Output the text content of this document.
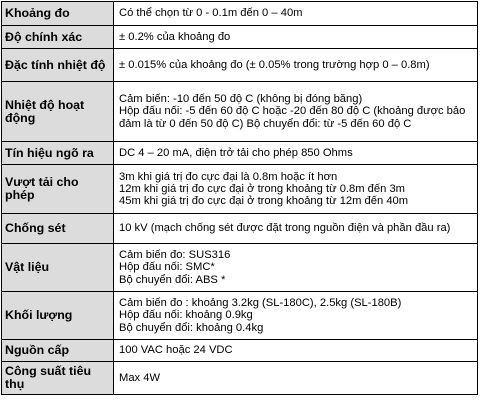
Khoảng đo	Có thể chọn từ 0 - 0.1m đến 0 – 40m

Độ chính xác	± 0.2% của khoảng đo

Đặc tính nhiệt độ	± 0.015% của khoảng đo (± 0.05% trong trường hợp 0 – 0.8m)

Nhiệt độ hoạt động	Cảm biến: -10 đến 50 độ C (không bị đóng băng)
Hộp đấu nối: -5 đến 60 độ C hoặc -20 đến 80 độ C (khoảng được bảo đảm là từ 0 đến 50 độ C) Bộ chuyển đổi: từ -5 đến 60 độ C

Tín hiệu ngõ ra	DC 4 – 20 mA, điện trở tải cho phép 850 Ohms

Vượt tải cho phép	3m khi giá trị đo cực đại là 0.8m hoặc ít hơn
12m khi giá trị đo cực đại ở trong khoảng từ 0.8m đến 3m
45m khi giá trị đo cực đại ở trong khoảng từ 12m đến 40m

Chống sét	10 kV (mạch chống sét được đặt trong nguồn điện và phần đầu ra)

Vật liệu	Cảm biến đo: SUS316
Hộp đấu nối: SMC*
Bộ chuyển đổi: ABS *

Khối lượng	Cảm biến đo : khoảng 3.2kg (SL-180C), 2.5kg (SL-180B)
Hộp đấu nối: khoảng 0.9kg
Bộ chuyển đổi: khoảng 0.4kg

Nguồn cấp	100 VAC hoặc 24 VDC

Công suất tiêu thụ	Max 4W
